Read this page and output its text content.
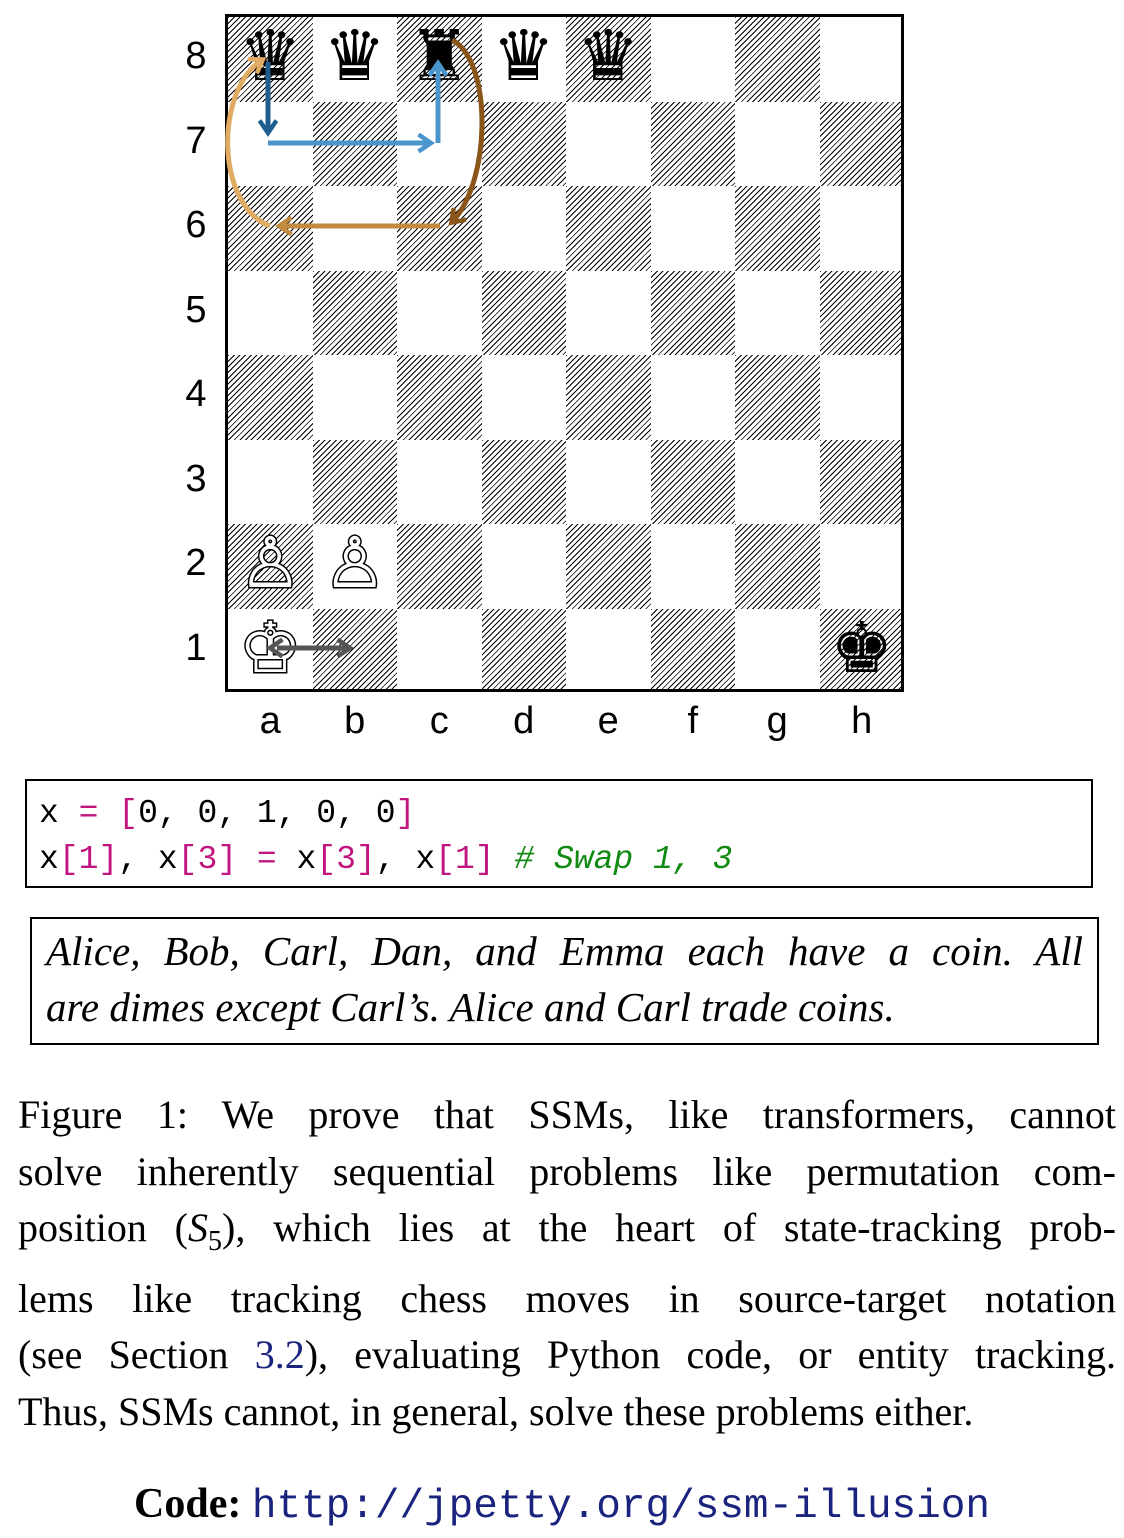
8
7
6
5
4
3
2
1
a b c d e	f	g h
♛ ♛ ♜ ♛ ♛
♙ ♙
♔	♚
x = [0, 0, 1, 0, 0]
x[1], x[3] = x[3], x[1] # Swap 1, 3
Alice, Bob, Carl, Dan, and Emma each have a coin. All
are dimes except Carl’s. Alice and Carl trade coins.
Figure 1: We prove that SSMs, like transformers, cannot
solve inherently sequential problems like permutation com-
position $(S_5)$, which lies at the heart of state-tracking prob-
lems like tracking chess moves in source-target notation
(see Section 3.2), evaluating Python code, or entity tracking.
Thus, SSMs cannot, in general, solve these problems either.
Code: http://jpetty.org/ssm-illusion
